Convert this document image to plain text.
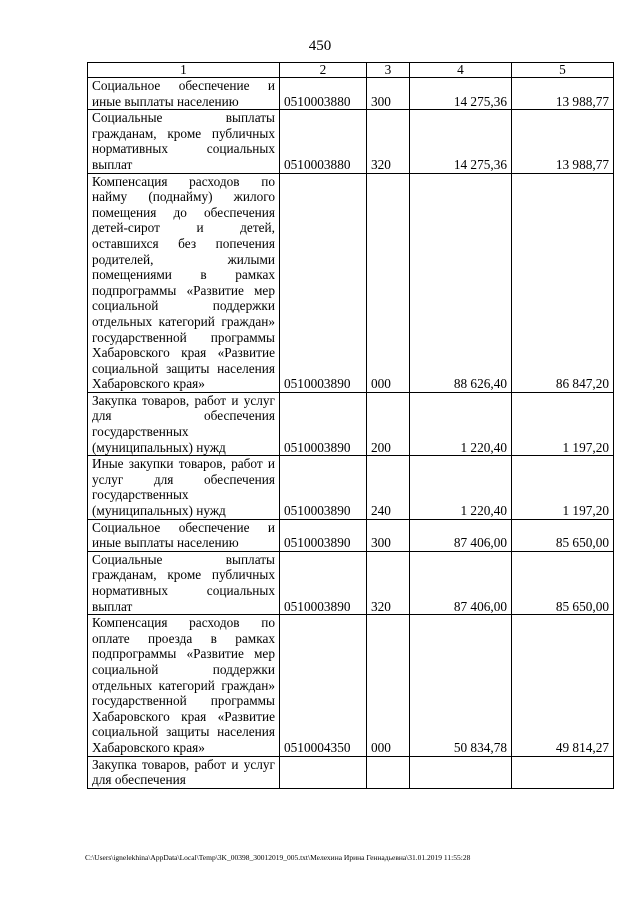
450
1	2	3	4	5
Социальное обеспечение и иные выплаты населению	0510003880	300	14 275,36	13 988,77
Социальные выплаты гражданам, кроме публичных нормативных социальных выплат	0510003880	320	14 275,36	13 988,77
Компенсация расходов по найму (поднайму) жилого помещения до обеспечения детей-сирот и детей, оставшихся без попечения родителей, жилыми помещениями в рамках подпрограммы «Развитие мер социальной поддержки отдельных категорий граждан» государственной программы Хабаровского края «Развитие социальной защиты населения Хабаровского края»	0510003890	000	88 626,40	86 847,20
Закупка товаров, работ и услуг для обеспечения государственных (муниципальных) нужд	0510003890	200	1 220,40	1 197,20
Иные закупки товаров, работ и услуг для обеспечения государственных (муниципальных) нужд	0510003890	240	1 220,40	1 197,20
Социальное обеспечение и иные выплаты населению	0510003890	300	87 406,00	85 650,00
Социальные выплаты гражданам, кроме публичных нормативных социальных выплат	0510003890	320	87 406,00	85 650,00
Компенсация расходов по оплате проезда в рамках подпрограммы «Развитие мер социальной поддержки отдельных категорий граждан» государственной программы Хабаровского края «Развитие социальной защиты населения Хабаровского края»	0510004350	000	50 834,78	49 814,27
Закупка товаров, работ и услуг для обеспечения				
C:\Users\ignelekhina\AppData\Local\Temp\3K_00398_30012019_005.txt\Мелехина Ирина Геннадьевна\31.01.2019 11:55:28
